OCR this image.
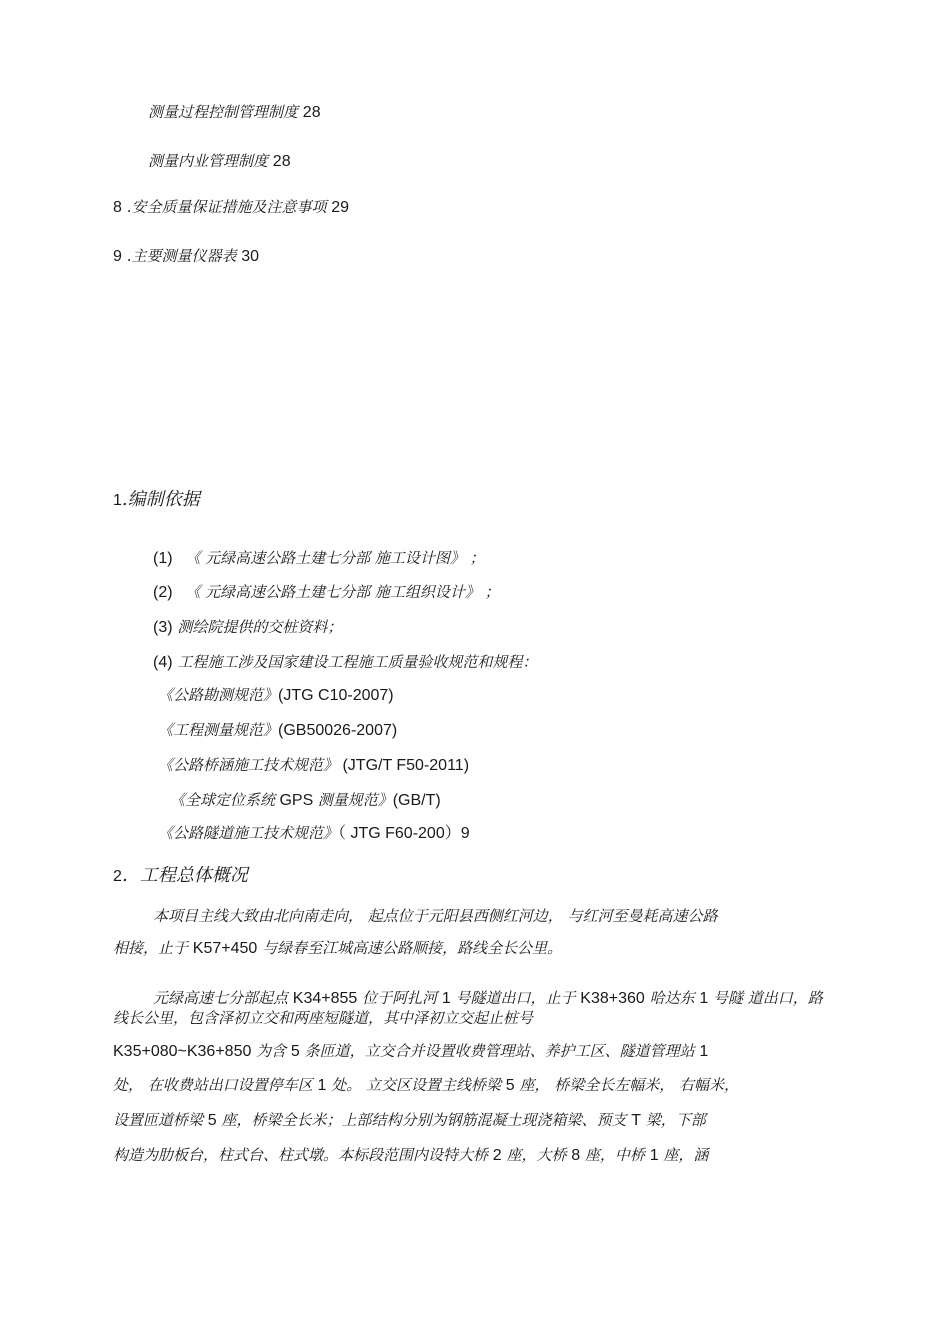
测量过程控制管理制度 28
测量内业管理制度 28
8 .安全质量保证措施及注意事项 29
9 .主要测量仪器表 30
1.编制依据
(1) 《 元绿高速公路土建七分部 施工设计图》 ；
(2) 《 元绿高速公路土建七分部 施工组织设计》 ；
(3) 测绘院提供的交桩资料；
(4) 工程施工涉及国家建设工程施工质量验收规范和规程：
《公路勘测规范》(JTG C10-2007)
《工程测量规范》(GB50026-2007)
《公路桥涵施工技术规范》 (JTG/T F50-2011)
《全球定位系统 GPS 测量规范》(GB/T)
《公路隧道施工技术规范》（ JTG F60-200）9
2．工程总体概况
本项目主线大致由北向南走向， 起点位于元阳县西侧红河边， 与红河至曼耗高速公路
相接，止于 K57+450 与绿春至江城高速公路顺接，路线全长公里。
元绿高速七分部起点 K34+855 位于阿扎河 1 号隧道出口，止于 K38+360 哈达东 1 号隧 道出口，路
线长公里，包含泽初立交和两座短隧道，其中泽初立交起止桩号
K35+080~K36+850 为含 5 条匝道，立交合并设置收费管理站、养护工区、隧道管理站 1
处， 在收费站出口设置停车区 1 处。 立交区设置主线桥梁 5 座， 桥梁全长左幅米， 右幅米，
设置匝道桥梁 5 座，桥梁全长米；上部结构分别为钢筋混凝土现浇箱梁、预支 T 梁，下部
构造为肋板台，柱式台、柱式墩。本标段范围内设特大桥 2 座，大桥 8 座，中桥 1 座，涵
